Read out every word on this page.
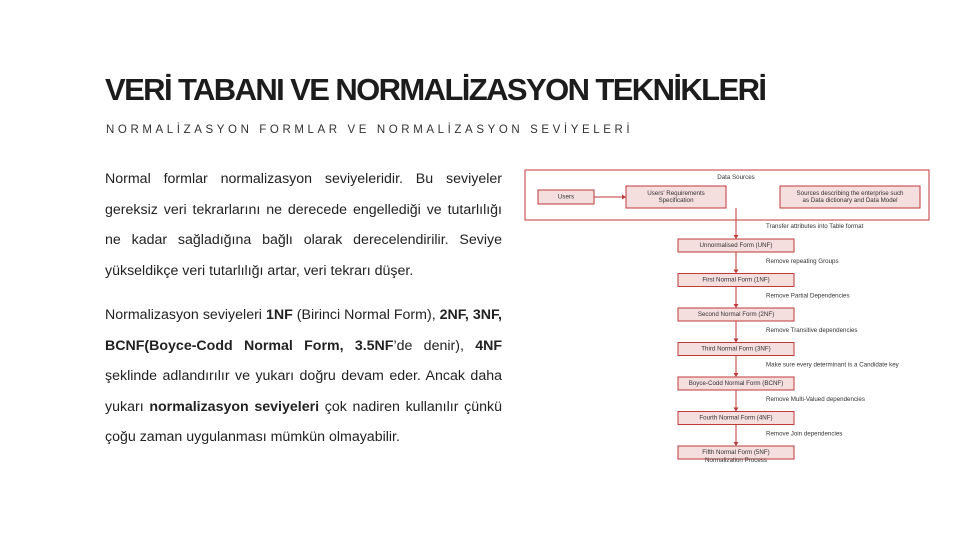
VERİ TABANI VE NORMALİZASYON TEKNİKLERİ
NORMALİZASYON FORMLAR VE NORMALİZASYON SEVİYELERİ

Normal formlar normalizasyon seviyeleridir. Bu seviyeler gereksiz veri tekrarlarını ne derecede engellediği ve tutarlılığı ne kadar sağladığına bağlı olarak derecelendirilir. Seviye yükseldikçe veri tutarlılığı artar, veri tekrarı düşer.

Normalizasyon seviyeleri 1NF (Birinci Normal Form), 2NF, 3NF, BCNF(Boyce-Codd Normal Form, 3.5NF’de denir), 4NF şeklinde adlandırılır ve yukarı doğru devam eder. Ancak daha yukarı normalizasyon seviyeleri çok nadiren kullanılır çünkü çoğu zaman uygulanması mümkün olmayabilir.

Data Sources
Users
Users' Requirements
Specification
Sources describing the enterprise such
as Data dictionary and Data Model
Transfer attributes into Table format
Unnormalised Form (UNF)
Remove repeating Groups
First Normal Form (1NF)
Remove Partial Dependencies
Second Normal Form (2NF)
Remove Transitive dependencies
Third Normal Form (3NF)
Make sure every determinant is a Candidate key
Boyce-Codd Normal Form (BCNF)
Remove Multi-Valued dependencies
Fourth Normal Form (4NF)
Remove Join dependencies
Fifth Normal Form (5NF)
Normalization Process
